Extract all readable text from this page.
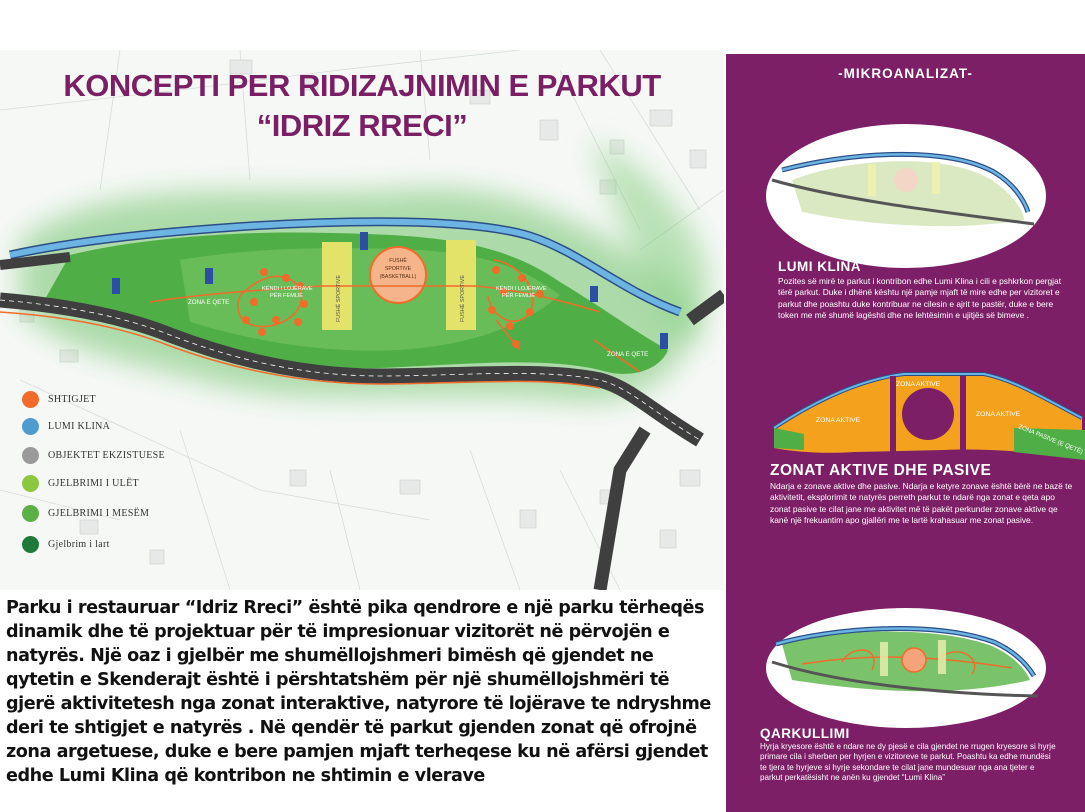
ZONA E QETE
ZONA E QETE
KËNDI I LOJËRAVE
PËR FEMIJË
KËNDI I LOJËRAVE
PËR FEMIJË
FUSHË SPORTIVE	FUSHË SPORTIVE
FUSHË
SPORTIVE
(BASKETBALL)
KONCEPTI PER RIDIZAJNIMIN E PARKUT
“IDRIZ RRECI”
SHTIGJET
LUMI KLINA
OBJEKTET EKZISTUESE
GJELBRIMI I ULËT
GJELBRIMI I MESËM
Gjelbrim i lart
Parku i restauruar “Idriz Rreci” është pika qendrore e një parku tërheqës dinamik dhe të projektuar për të impresionuar vizitorët në përvojën e natyrës. Një oaz i gjelbër me shumëllojshmeri bimësh që gjendet ne qytetin e Skenderajt është i përshtatshëm për një shumëllojshmëri të gjerë aktivitetesh nga zonat interaktive, natyrore të lojërave te ndryshme deri te shtigjet e natyrës . Në qendër të parkut gjenden zonat që ofrojnë zona argetuese, duke e bere pamjen mjaft terheqese ku në afërsi gjendet edhe Lumi Klina që kontribon ne shtimin e vlerave
-MIKROANALIZAT-
LUMI KLINA
Pozites së mirë te parkut i kontribon edhe Lumi Klina i cili e pshkrkon pergjat tërë parkut. Duke i dhënë kështu një pamje mjaft të mire edhe per vizitoret e parkut dhe poashtu duke kontribuar ne cilesin e ajrit te pastër, duke e bere token me më shumë lagështi dhe ne lehtësimin e ujitjës së bimeve .
ZONA AKTIVE
ZONA AKTIVE
ZONA AKTIVE
ZONA PASIVE (E QETË)
ZONAT AKTIVE DHE PASIVE
Ndarja e zonave aktive dhe pasive. Ndarja e ketyre zonave është bërë ne bazë te aktivitetit, eksplorimit te natyrës perreth parkut te ndarë nga zonat e qeta apo zonat pasive te cilat jane me aktivitet më të pakët perkunder zonave aktive qe kanë një frekuantim apo gjallëri me te lartë krahasuar me zonat pasive.
QARKULLIMI
Hyrja kryesore është e ndare ne dy pjesë e cila gjendet ne rrugen kryesore si hyrje primare cila i sherben per hyrjen e vizitoreve te parkut. Poashtu ka edhe mundësi te tjera te hyrjeve si hyrje sekondare te cilat jane mundesuar nga ana tjeter e parkut perkatësisht ne anën ku gjendet “Lumi Klina”
